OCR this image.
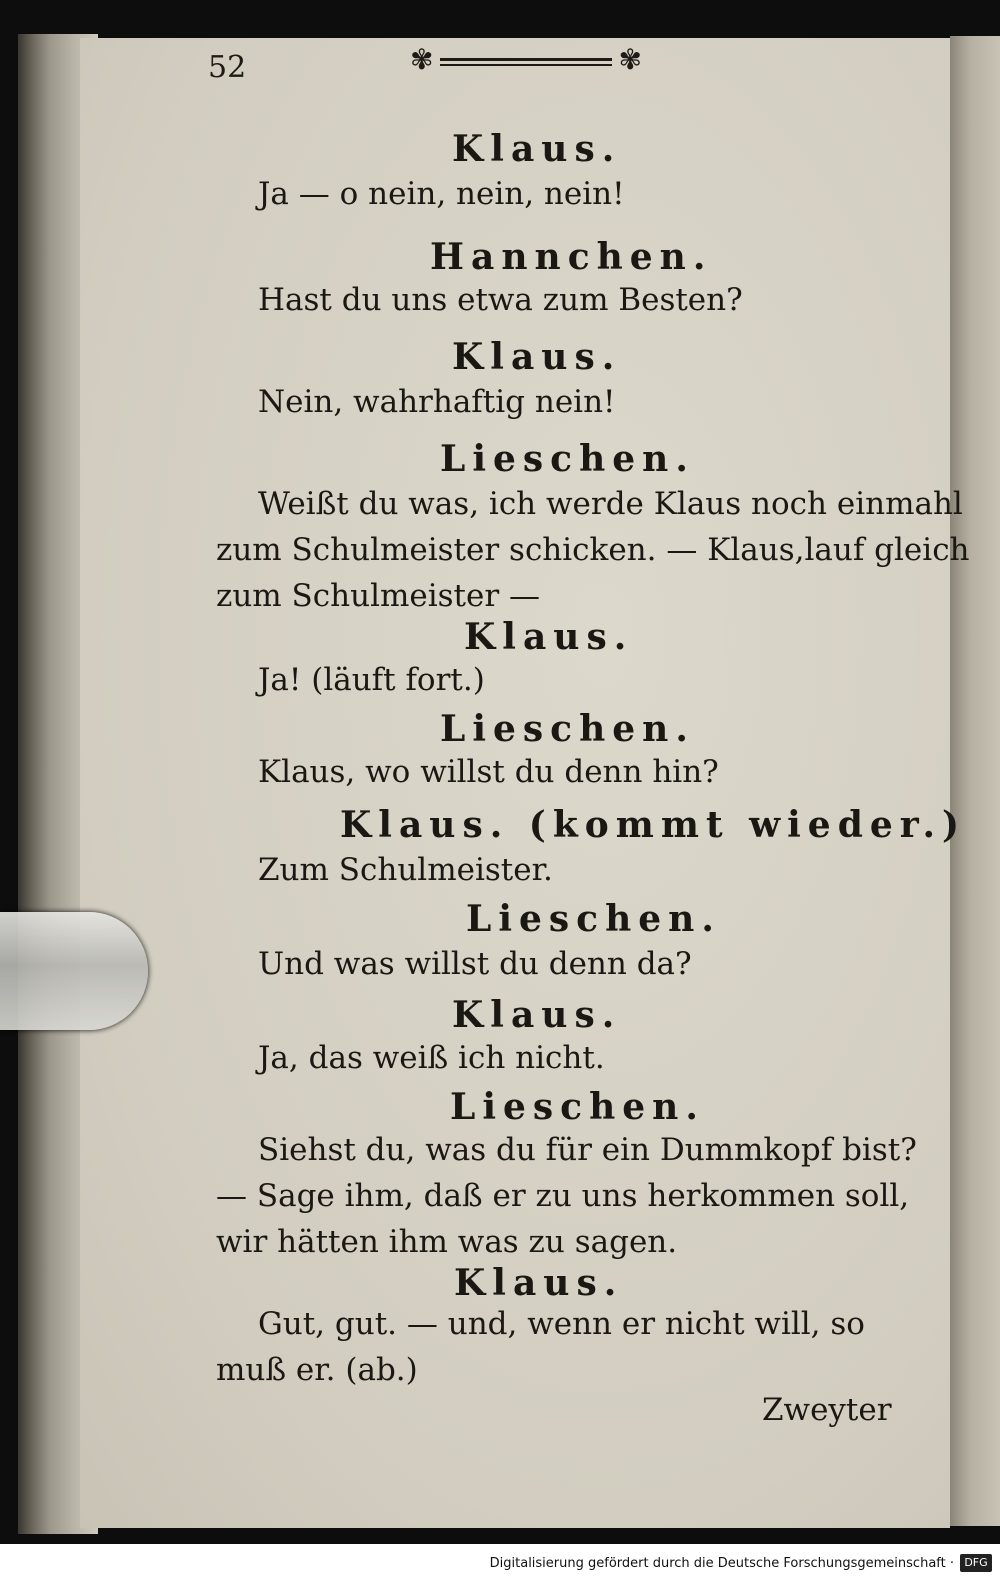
52	✾	✾
Klaus.
Ja — o nein, nein, nein!
Hannchen.
Hast du uns etwa zum Besten?
Klaus.
Nein, wahrhaftig nein!
Lieschen.
Weißt du was, ich werde Klaus noch einmahl
zum Schulmeister schicken. — Klaus,lauf gleich
zum Schulmeister —
Klaus.
Ja! (läuft fort.)
Lieschen.
Klaus, wo willst du denn hin?
Klaus. (kommt wieder.)
Zum Schulmeister.
Lieschen.
Und was willst du denn da?
Klaus.
Ja, das weiß ich nicht.
Lieschen.
Siehst du, was du für ein Dummkopf bist?
— Sage ihm, daß er zu uns herkommen soll,
wir hätten ihm was zu sagen.
Klaus.
Gut, gut. — und, wenn er nicht will, so
muß er. (ab.)
Zweyter
Digitalisierung gefördert durch die Deutsche Forschungsgemeinschaft · DFG
